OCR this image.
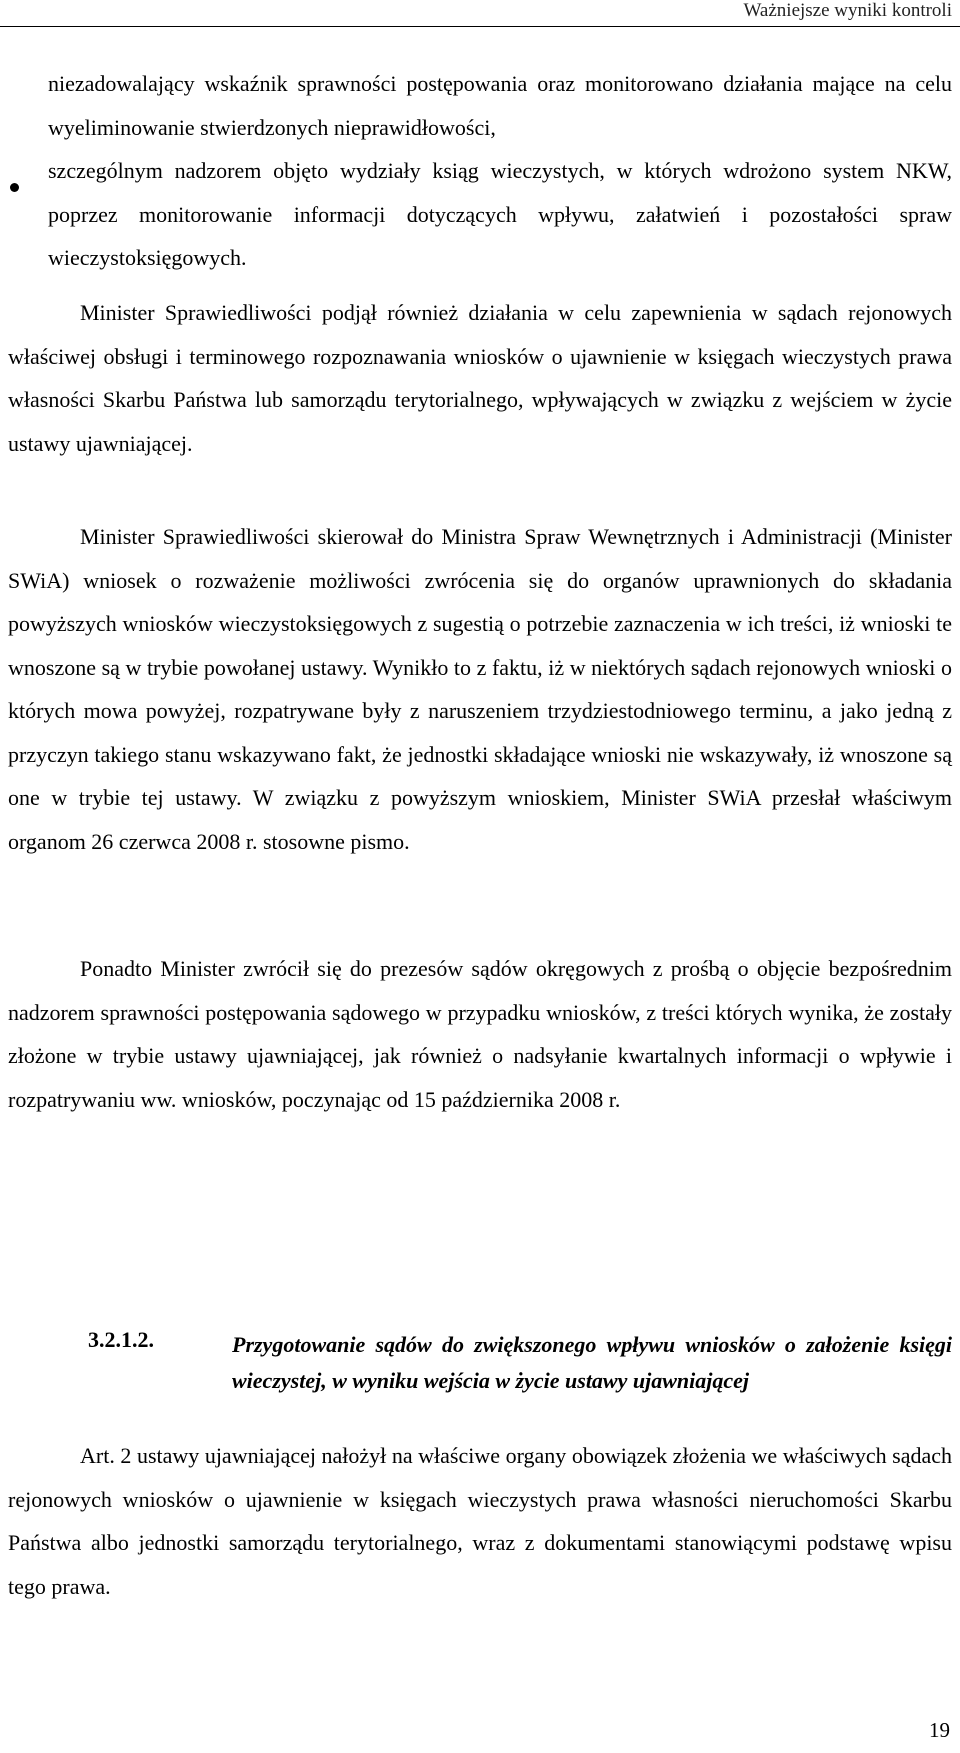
Ważniejsze wyniki kontroli

niezadowalający wskaźnik sprawności postępowania oraz monitorowano działania mające na celu wyeliminowanie stwierdzonych nieprawidłowości,

szczególnym nadzorem objęto wydziały ksiąg wieczystych, w których wdrożono system NKW, poprzez monitorowanie informacji dotyczących wpływu, załatwień i pozostałości spraw wieczystoksięgowych.

Minister Sprawiedliwości podjął również działania w celu zapewnienia w sądach rejonowych właściwej obsługi i terminowego rozpoznawania wniosków o ujawnienie w księgach wieczystych prawa własności Skarbu Państwa lub samorządu terytorialnego, wpływających w związku z wejściem w życie ustawy ujawniającej.

Minister Sprawiedliwości skierował do Ministra Spraw Wewnętrznych i Administracji (Minister SWiA) wniosek o rozważenie możliwości zwrócenia się do organów uprawnionych do składania powyższych wniosków wieczystoksięgowych z sugestią o potrzebie zaznaczenia w ich treści, iż wnioski te wnoszone są w trybie powołanej ustawy. Wynikło to z faktu, iż w niektórych sądach rejonowych wnioski o których mowa powyżej, rozpatrywane były z naruszeniem trzydziestodniowego terminu, a jako jedną z przyczyn takiego stanu wskazywano fakt, że jednostki składające wnioski nie wskazywały, iż wnoszone są one w trybie tej ustawy. W związku z powyższym wnioskiem, Minister SWiA przesłał właściwym organom 26 czerwca 2008 r. stosowne pismo.

Ponadto Minister zwrócił się do prezesów sądów okręgowych z prośbą o objęcie bezpośrednim nadzorem sprawności postępowania sądowego w przypadku wniosków, z treści których wynika, że zostały złożone w trybie ustawy ujawniającej, jak również o nadsyłanie kwartalnych informacji o wpływie i rozpatrywaniu ww. wniosków, poczynając od 15 października 2008 r.

3.2.1.2.	Przygotowanie sądów do zwiększonego wpływu wniosków o założenie księgi wieczystej, w wyniku wejścia w życie ustawy ujawniającej

Art. 2 ustawy ujawniającej nałożył na właściwe organy obowiązek złożenia we właściwych sądach rejonowych wniosków o ujawnienie w księgach wieczystych prawa własności nieruchomości Skarbu Państwa albo jednostki samorządu terytorialnego, wraz z dokumentami stanowiącymi podstawę wpisu tego prawa.

19
